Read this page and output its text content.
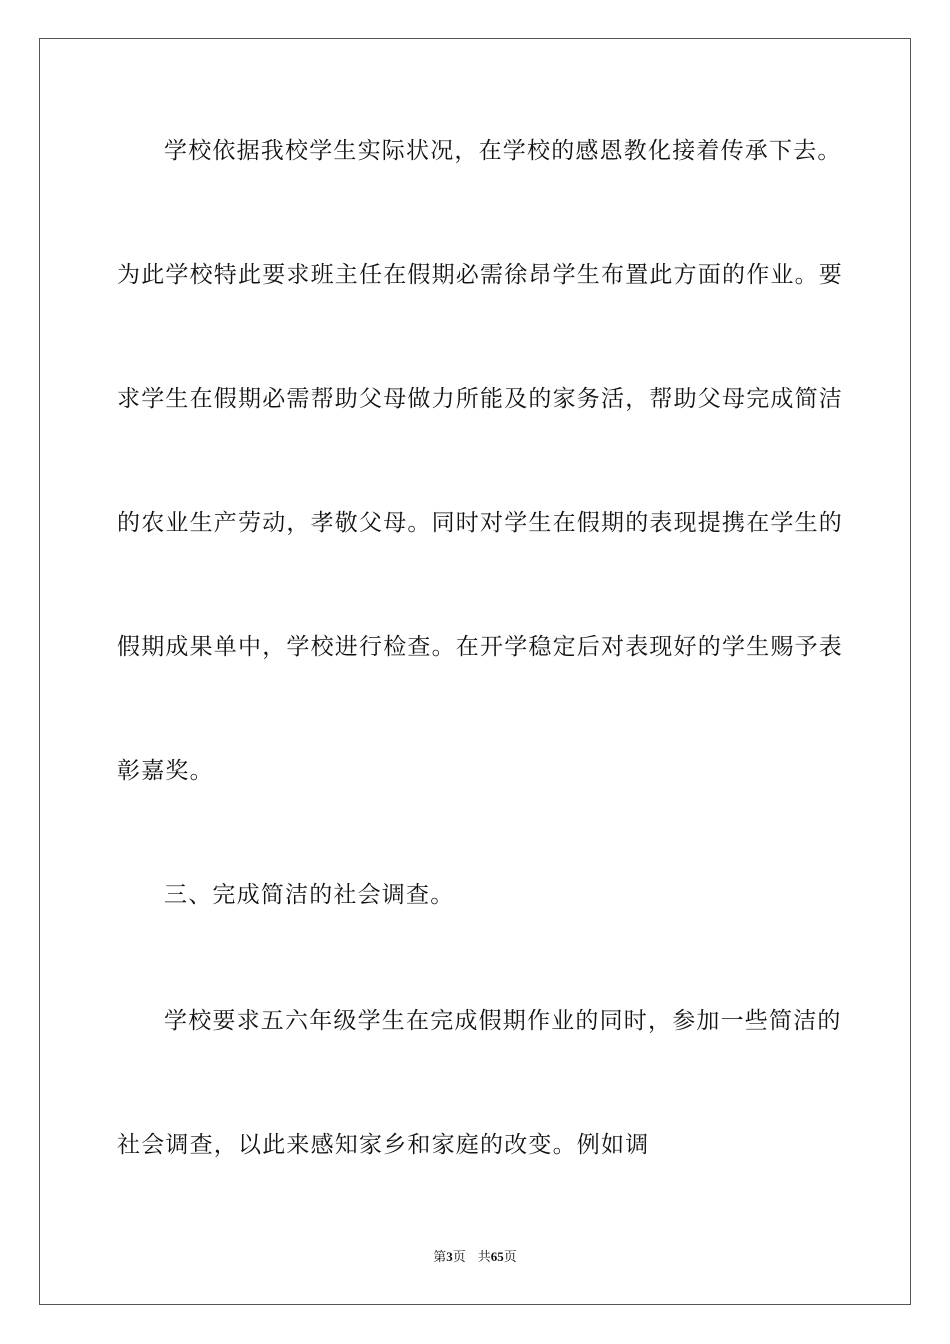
学校依据我校学生实际状况，在学校的感恩教化接着传承下去。
为此学校特此要求班主任在假期必需徐昂学生布置此方面的作业。要
求学生在假期必需帮助父母做力所能及的家务活，帮助父母完成简洁
的农业生产劳动，孝敬父母。同时对学生在假期的表现提携在学生的
假期成果单中，学校进行检查。在开学稳定后对表现好的学生赐予表
彰嘉奖。
三、完成简洁的社会调查。
学校要求五六年级学生在完成假期作业的同时，参加一些简洁的
社会调查，以此来感知家乡和家庭的改变。例如调
第3页 共65页
